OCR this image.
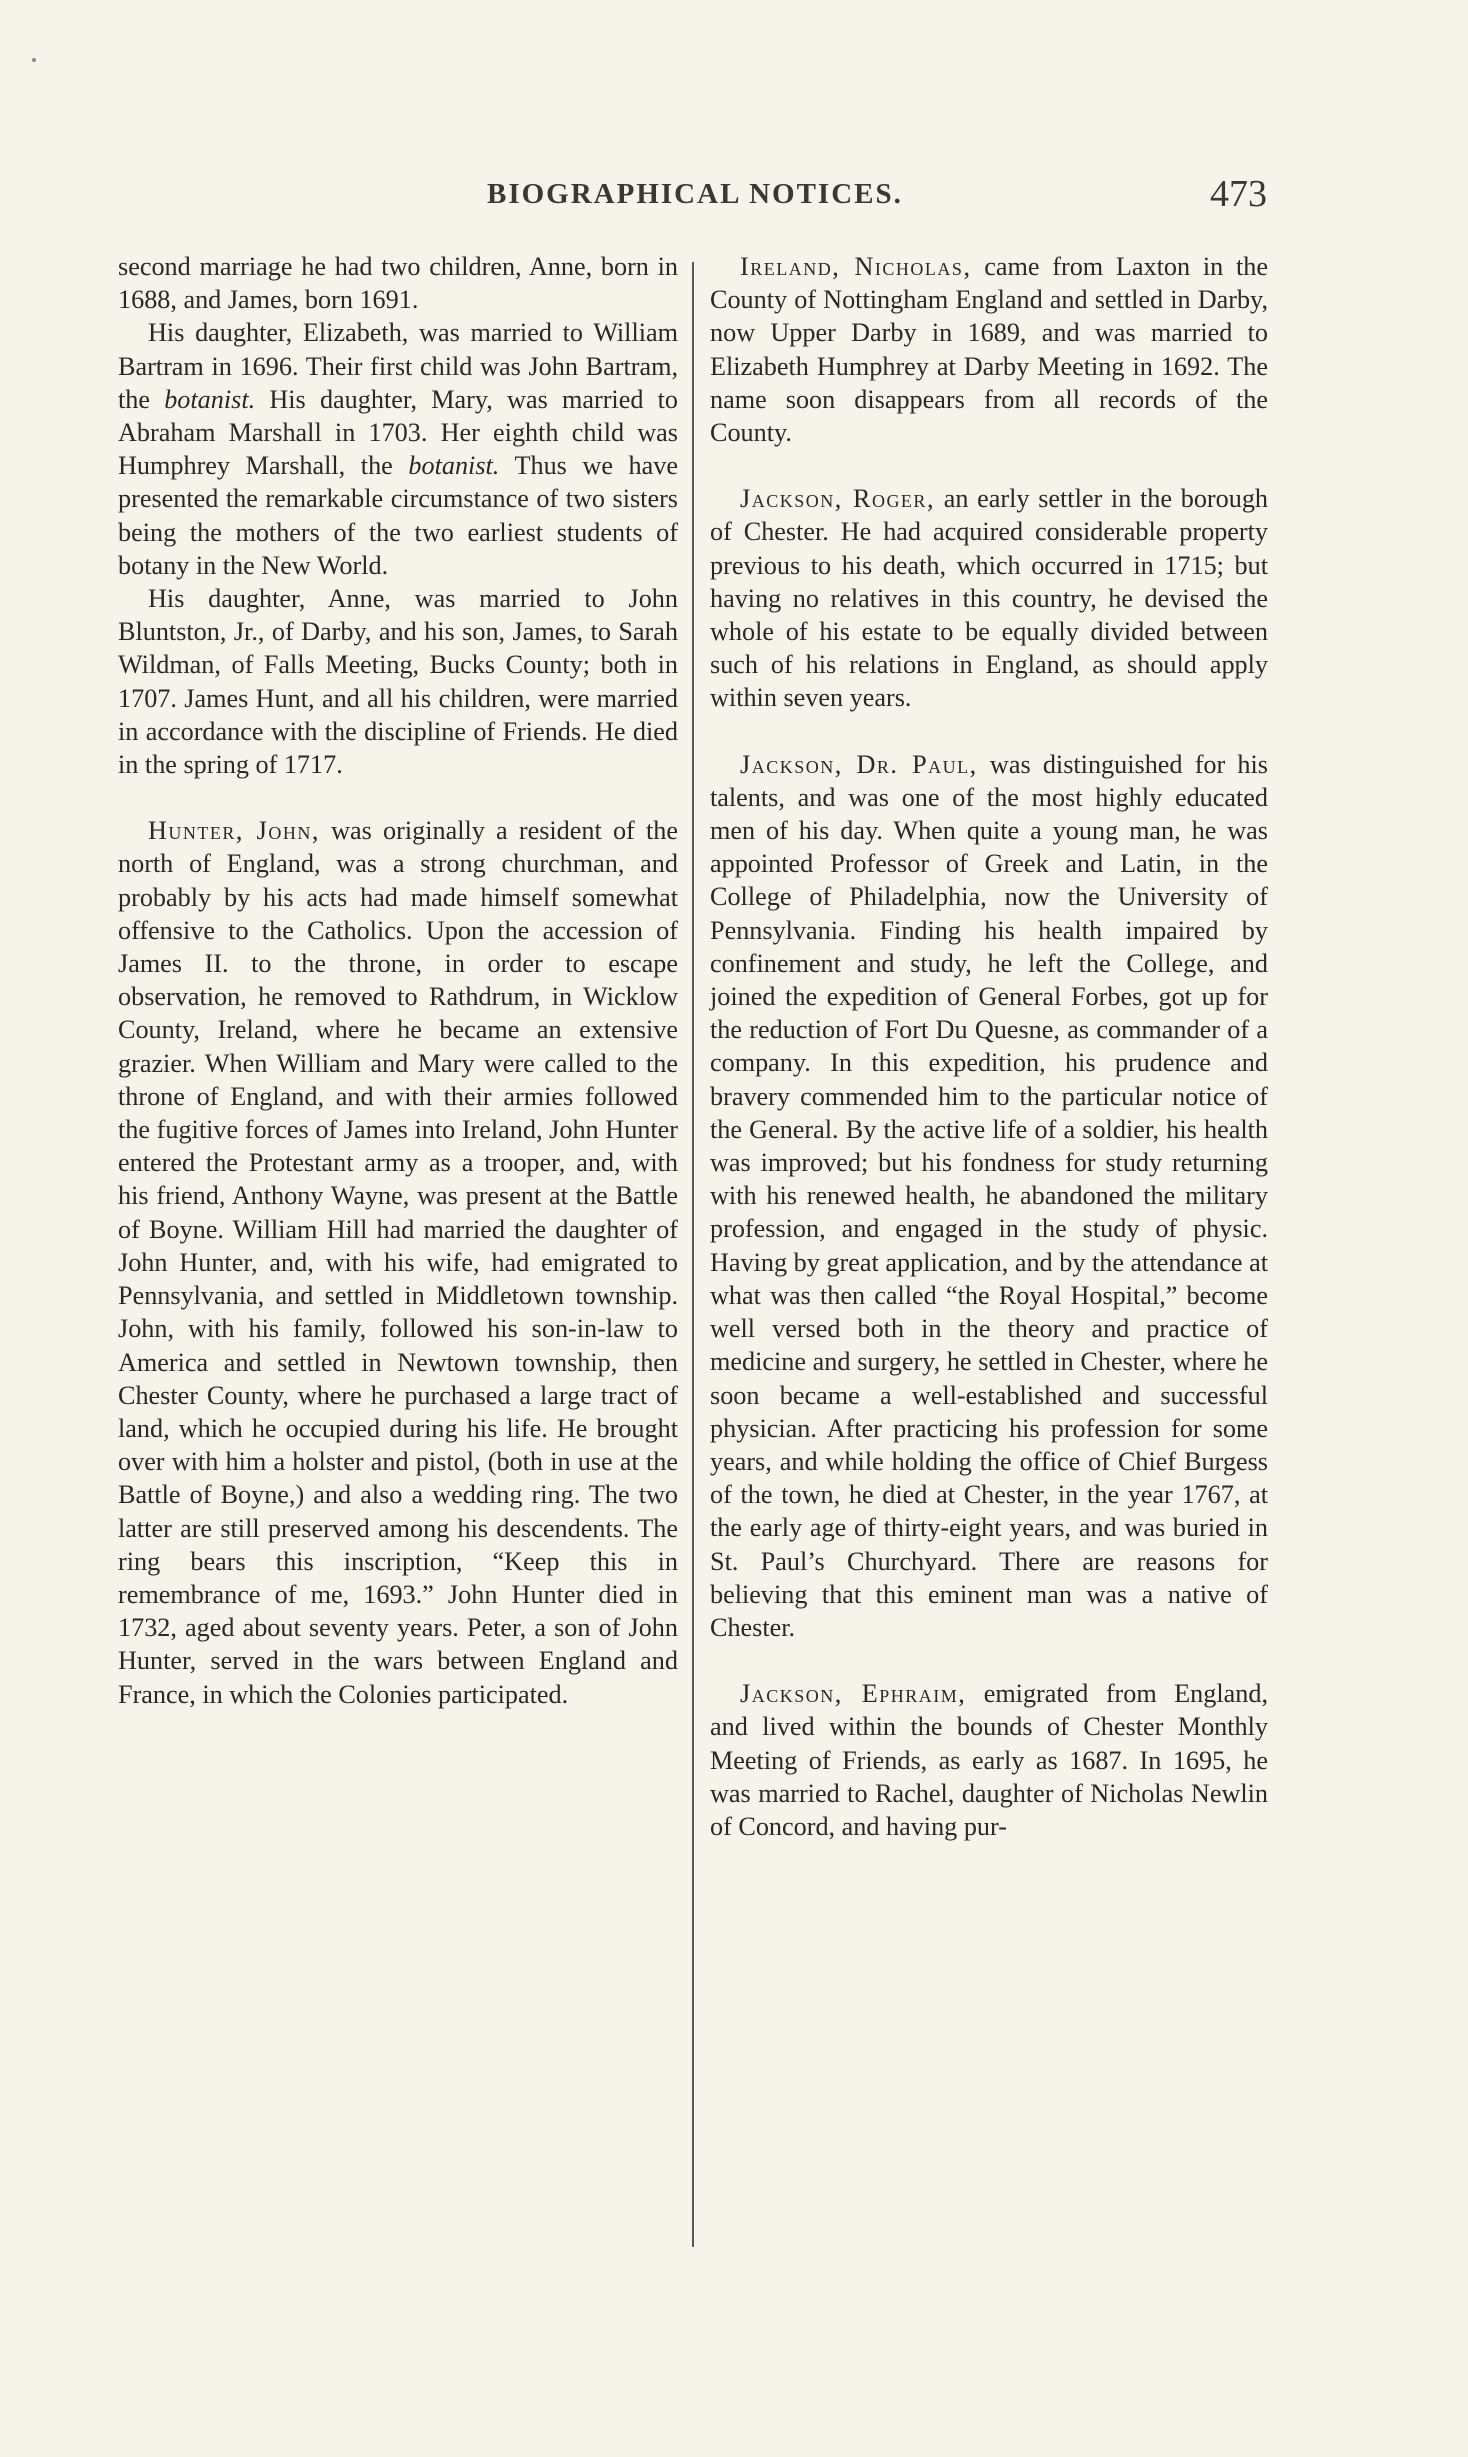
BIOGRAPHICAL NOTICES.	473

second marriage he had two children, Anne, born in 1688, and James, born 1691.

His daughter, Elizabeth, was married to William Bartram in 1696. Their first child was John Bartram, the botanist. His daughter, Mary, was married to Abraham Marshall in 1703. Her eighth child was Humphrey Marshall, the botanist. Thus we have presented the remarkable circumstance of two sisters being the mothers of the two earliest students of botany in the New World.

His daughter, Anne, was married to John Bluntston, Jr., of Darby, and his son, James, to Sarah Wildman, of Falls Meeting, Bucks County; both in 1707. James Hunt, and all his children, were married in accordance with the discipline of Friends. He died in the spring of 1717.

Hunter, John, was originally a resident of the north of England, was a strong churchman, and probably by his acts had made himself somewhat offensive to the Catholics. Upon the accession of James II. to the throne, in order to escape observation, he removed to Rathdrum, in Wicklow County, Ireland, where he became an extensive grazier. When William and Mary were called to the throne of England, and with their armies followed the fugitive forces of James into Ireland, John Hunter entered the Protestant army as a trooper, and, with his friend, Anthony Wayne, was present at the Battle of Boyne. William Hill had married the daughter of John Hunter, and, with his wife, had emigrated to Pennsylvania, and settled in Middletown township. John, with his family, followed his son-in-law to America and settled in Newtown township, then Chester County, where he purchased a large tract of land, which he occupied during his life. He brought over with him a holster and pistol, (both in use at the Battle of Boyne,) and also a wedding ring. The two latter are still preserved among his descendents. The ring bears this inscription, “Keep this in remembrance of me, 1693.” John Hunter died in 1732, aged about seventy years. Peter, a son of John Hunter, served in the wars between England and France, in which the Colonies participated.

Ireland, Nicholas, came from Laxton in the County of Nottingham England and settled in Darby, now Upper Darby in 1689, and was married to Elizabeth Humphrey at Darby Meeting in 1692. The name soon disappears from all records of the County.

Jackson, Roger, an early settler in the borough of Chester. He had acquired considerable property previous to his death, which occurred in 1715; but having no relatives in this country, he devised the whole of his estate to be equally divided between such of his relations in England, as should apply within seven years.

Jackson, Dr. Paul, was distinguished for his talents, and was one of the most highly educated men of his day. When quite a young man, he was appointed Professor of Greek and Latin, in the College of Philadelphia, now the University of Pennsylvania. Finding his health impaired by confinement and study, he left the College, and joined the expedition of General Forbes, got up for the reduction of Fort Du Quesne, as commander of a company. In this expedition, his prudence and bravery commended him to the particular notice of the General. By the active life of a soldier, his health was improved; but his fondness for study returning with his renewed health, he abandoned the military profession, and engaged in the study of physic. Having by great application, and by the attendance at what was then called “the Royal Hospital,” become well versed both in the theory and practice of medicine and surgery, he settled in Chester, where he soon became a well-established and successful physician. After practicing his profession for some years, and while holding the office of Chief Burgess of the town, he died at Chester, in the year 1767, at the early age of thirty-eight years, and was buried in St. Paul’s Churchyard. There are reasons for believing that this eminent man was a native of Chester.

Jackson, Ephraim, emigrated from England, and lived within the bounds of Chester Monthly Meeting of Friends, as early as 1687. In 1695, he was married to Rachel, daughter of Nicholas Newlin of Concord, and having pur-
